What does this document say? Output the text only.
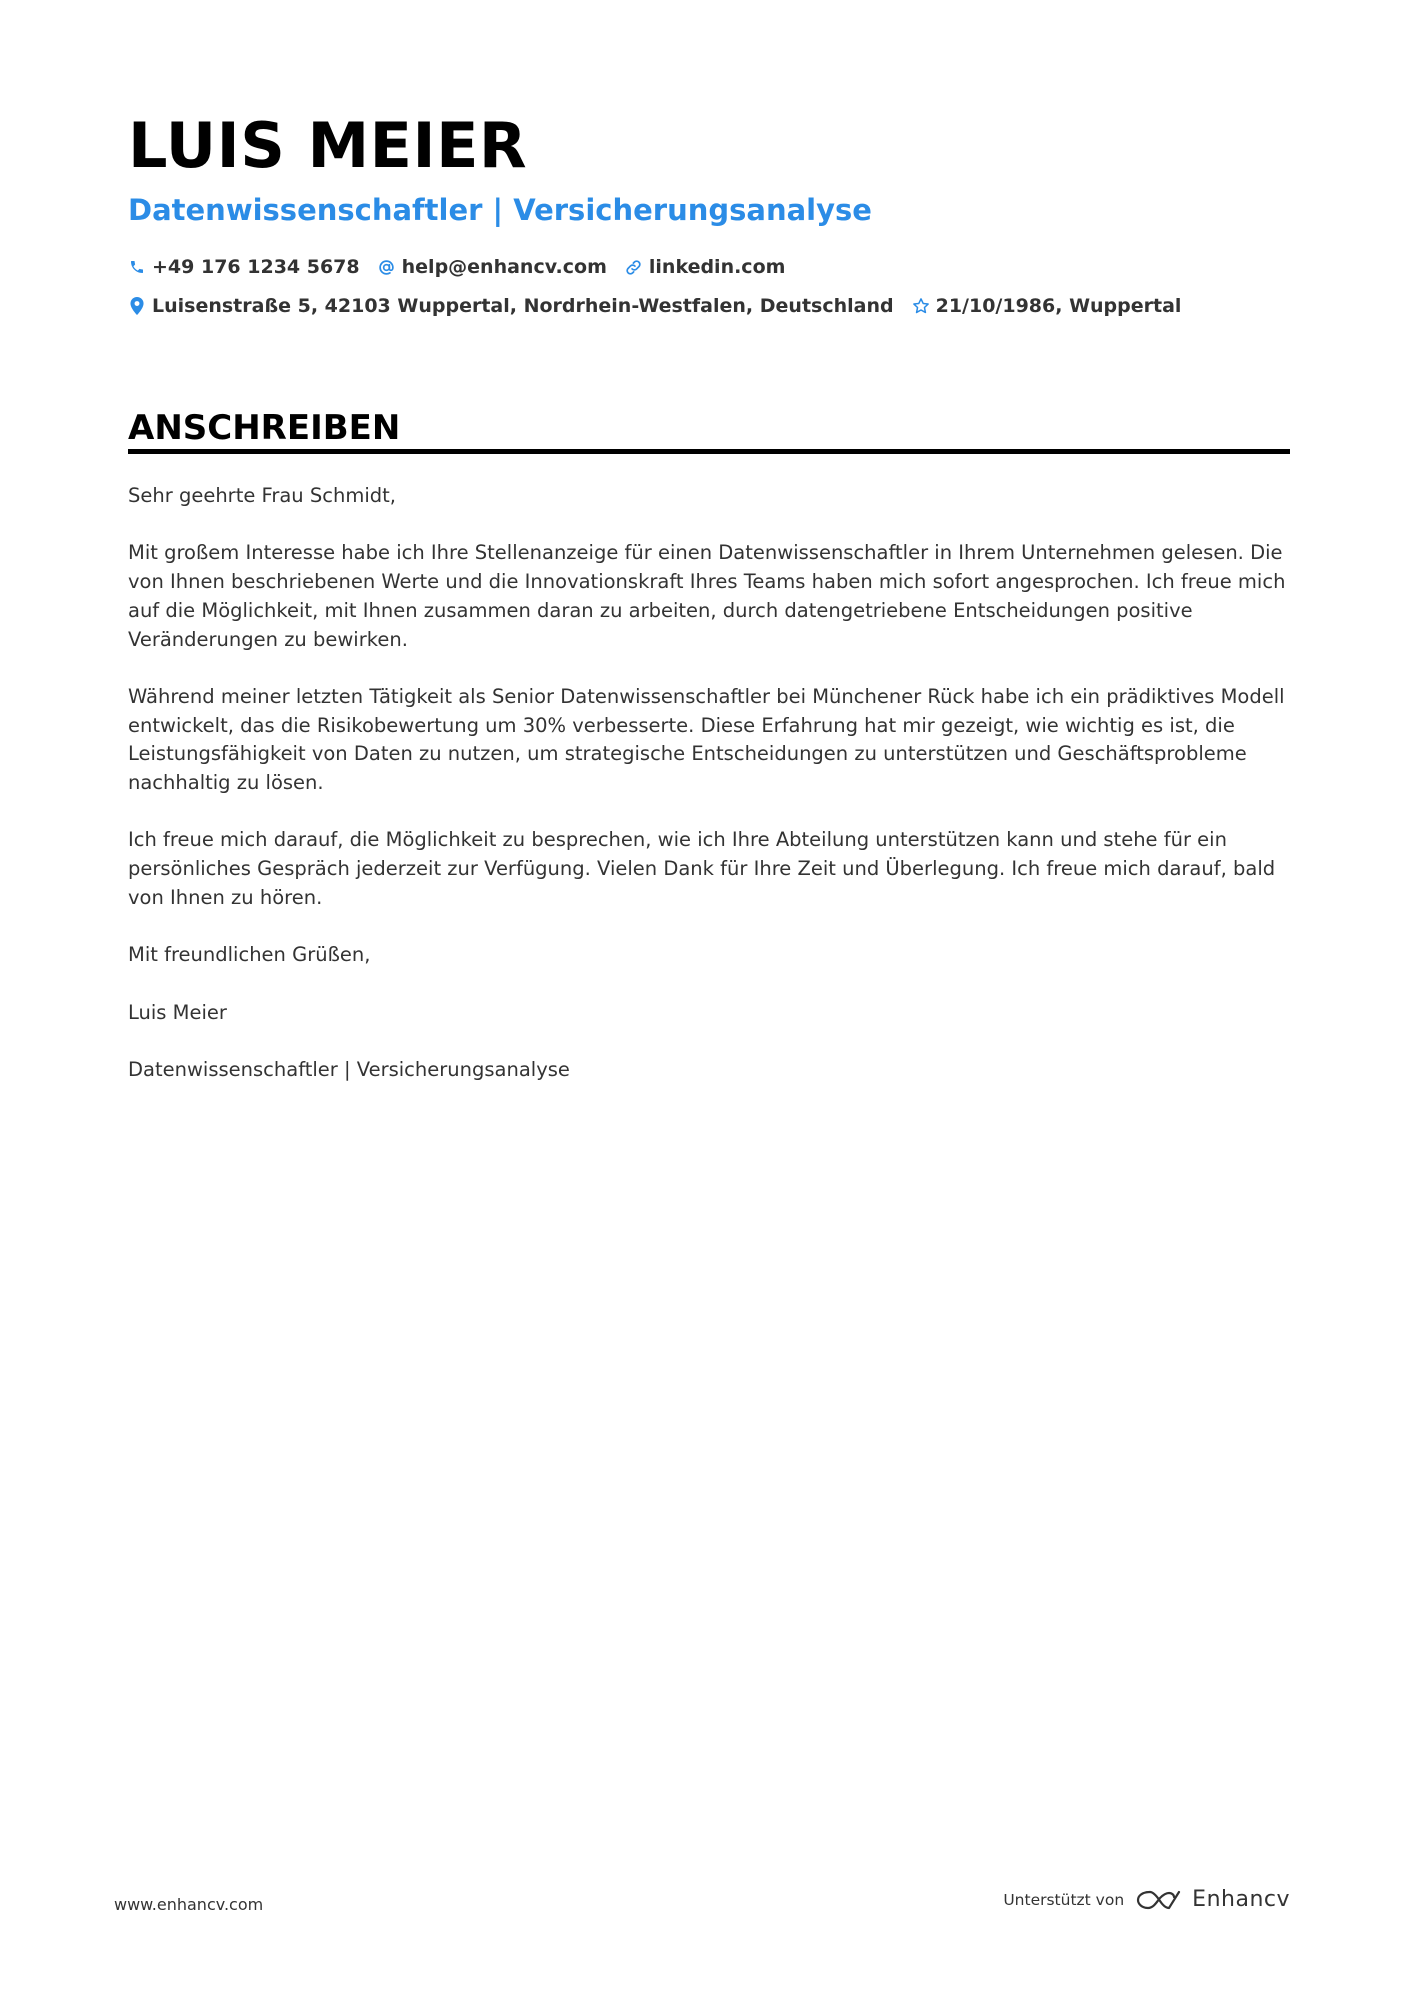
LUIS MEIER
Datenwissenschaftler | Versicherungsanalyse
+49 176 1234 5678 help@enhancv.com linkedin.com
Luisenstraße 5, 42103 Wuppertal, Nordrhein-Westfalen, Deutschland 21/10/1986, Wuppertal
ANSCHREIBEN

Sehr geehrte Frau Schmidt,

Mit großem Interesse habe ich Ihre Stellenanzeige für einen Datenwissenschaftler in Ihrem Unternehmen gelesen. Die von Ihnen beschriebenen Werte und die Innovationskraft Ihres Teams haben mich sofort angesprochen. Ich freue mich auf die Möglichkeit, mit Ihnen zusammen daran zu arbeiten, durch datengetriebene Entscheidungen positive Veränderungen zu bewirken.

Während meiner letzten Tätigkeit als Senior Datenwissenschaftler bei Münchener Rück habe ich ein prädiktives Modell entwickelt, das die Risikobewertung um 30% verbesserte. Diese Erfahrung hat mir gezeigt, wie wichtig es ist, die Leistungsfähigkeit von Daten zu nutzen, um strategische Entscheidungen zu unterstützen und Geschäftsprobleme nachhaltig zu lösen.

Ich freue mich darauf, die Möglichkeit zu besprechen, wie ich Ihre Abteilung unterstützen kann und stehe für ein persönliches Gespräch jederzeit zur Verfügung. Vielen Dank für Ihre Zeit und Überlegung. Ich freue mich darauf, bald von Ihnen zu hören.

Mit freundlichen Grüßen,

Luis Meier

Datenwissenschaftler | Versicherungsanalyse

www.enhancv.com	Unterstützt von	Enhancv
